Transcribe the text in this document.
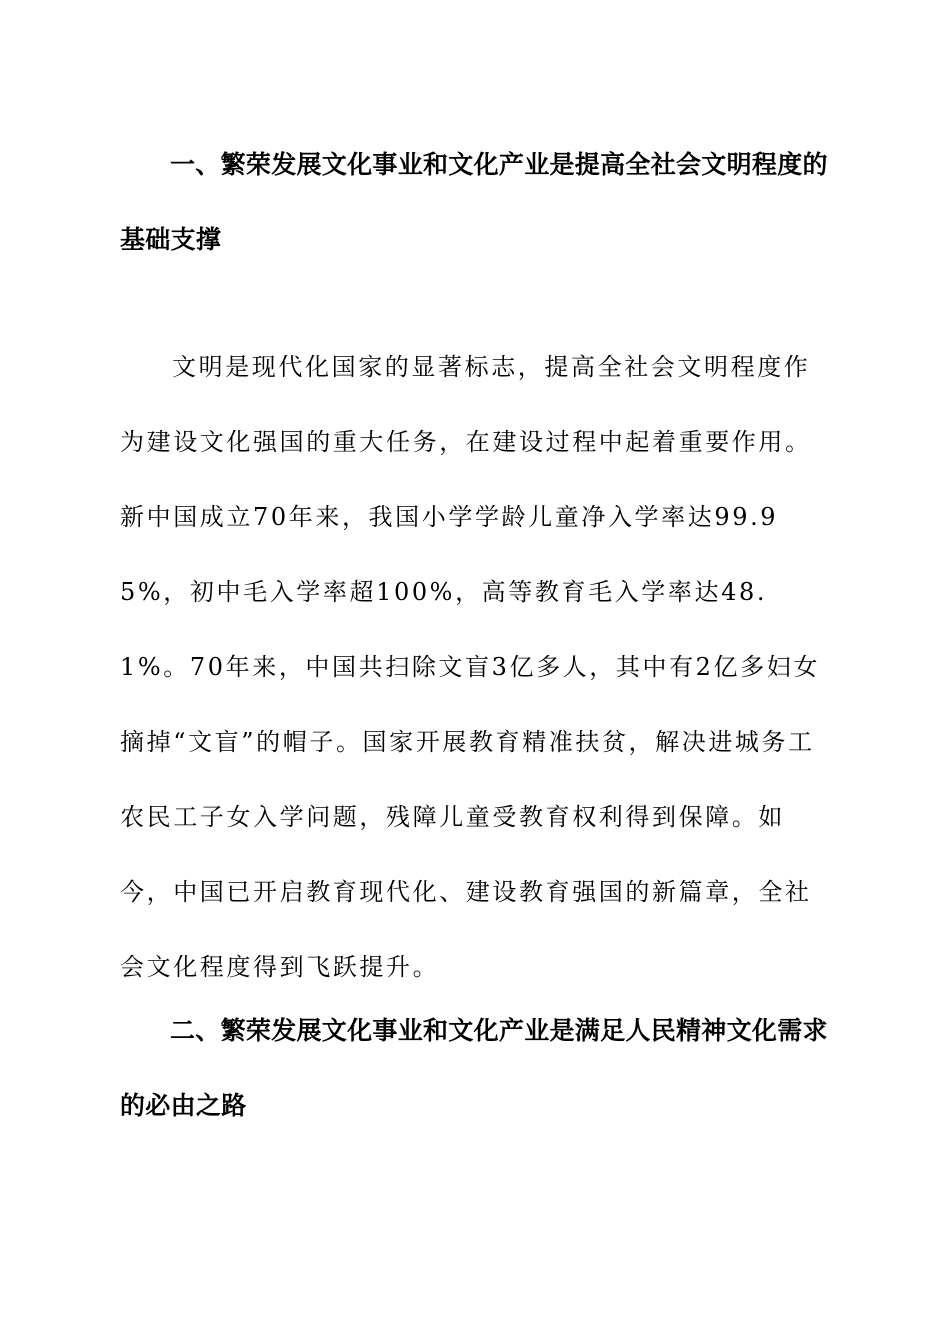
一、繁荣发展文化事业和文化产业是提高全社会文明程度的基础支撑

文明是现代化国家的显著标志，提高全社会文明程度作为建设文化强国的重大任务，在建设过程中起着重要作用。新中国成立70年来，我国小学学龄儿童净入学率达99.95%，初中毛入学率超100%，高等教育毛入学率达48.1%。70年来，中国共扫除文盲3亿多人，其中有2亿多妇女摘掉“文盲”的帽子。国家开展教育精准扶贫，解决进城务工农民工子女入学问题，残障儿童受教育权利得到保障。如今，中国已开启教育现代化、建设教育强国的新篇章，全社会文化程度得到飞跃提升。

二、繁荣发展文化事业和文化产业是满足人民精神文化需求的必由之路
